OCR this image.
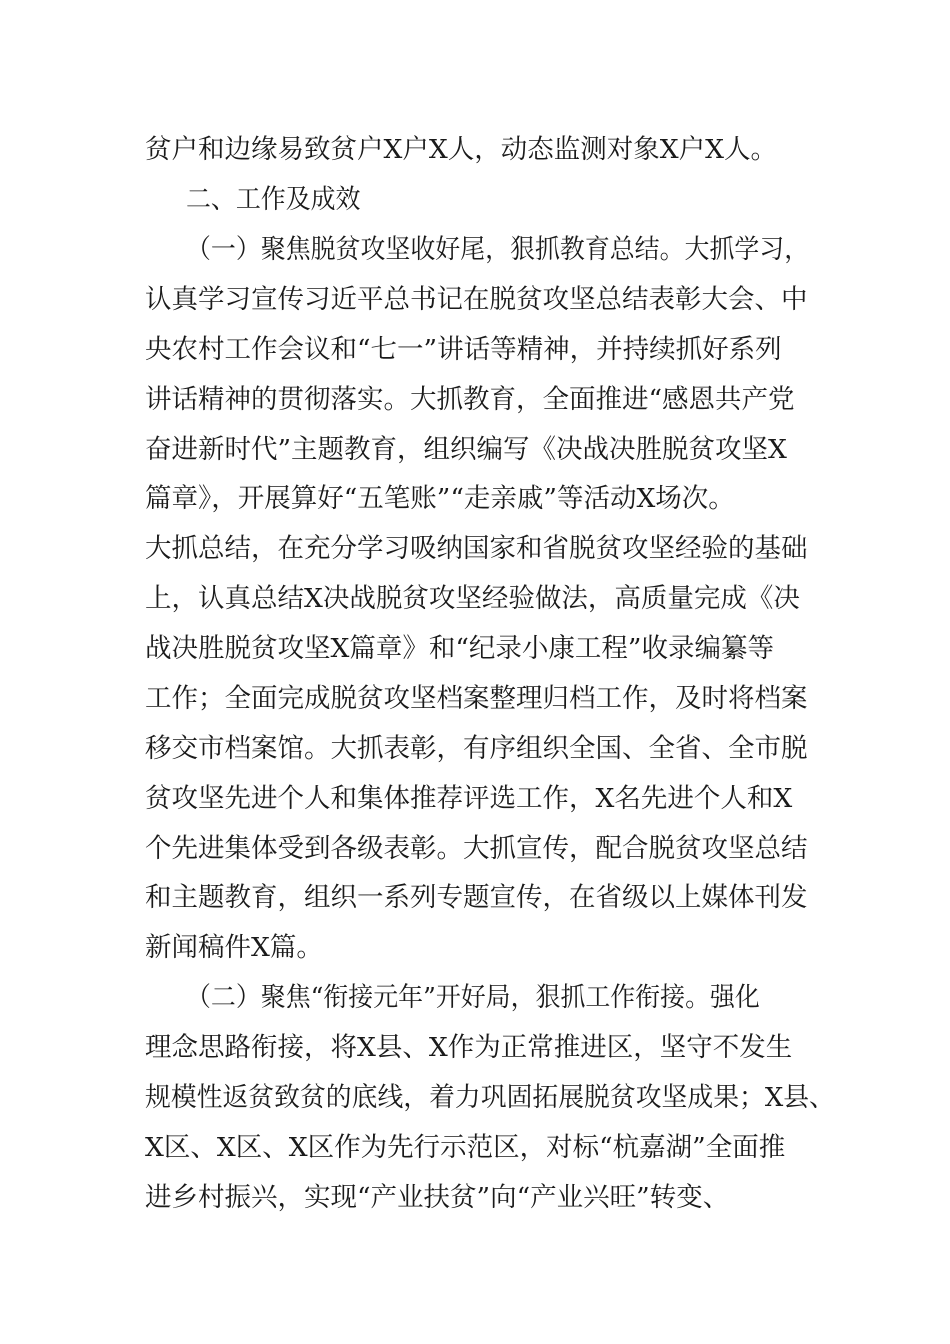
贫户和边缘易致贫户X户X人，动态监测对象X户X人。
二、工作及成效
（一）聚焦脱贫攻坚收好尾，狠抓教育总结。大抓学习，
认真学习宣传习近平总书记在脱贫攻坚总结表彰大会、中
央农村工作会议和“七一”讲话等精神，并持续抓好系列
讲话精神的贯彻落实。大抓教育，全面推进“感恩共产党
奋进新时代”主题教育，组织编写《决战决胜脱贫攻坚X
篇章》，开展算好“五笔账”“走亲戚”等活动X场次。
大抓总结，在充分学习吸纳国家和省脱贫攻坚经验的基础
上，认真总结X决战脱贫攻坚经验做法，高质量完成《决
战决胜脱贫攻坚X篇章》和“纪录小康工程”收录编纂等
工作；全面完成脱贫攻坚档案整理归档工作，及时将档案
移交市档案馆。大抓表彰，有序组织全国、全省、全市脱
贫攻坚先进个人和集体推荐评选工作，X名先进个人和X
个先进集体受到各级表彰。大抓宣传，配合脱贫攻坚总结
和主题教育，组织一系列专题宣传，在省级以上媒体刊发
新闻稿件X篇。
（二）聚焦“衔接元年”开好局，狠抓工作衔接。强化
理念思路衔接，将X县、X作为正常推进区，坚守不发生
规模性返贫致贫的底线，着力巩固拓展脱贫攻坚成果；X县、
X区、X区、X区作为先行示范区，对标“杭嘉湖”全面推
进乡村振兴，实现“产业扶贫”向“产业兴旺”转变、
